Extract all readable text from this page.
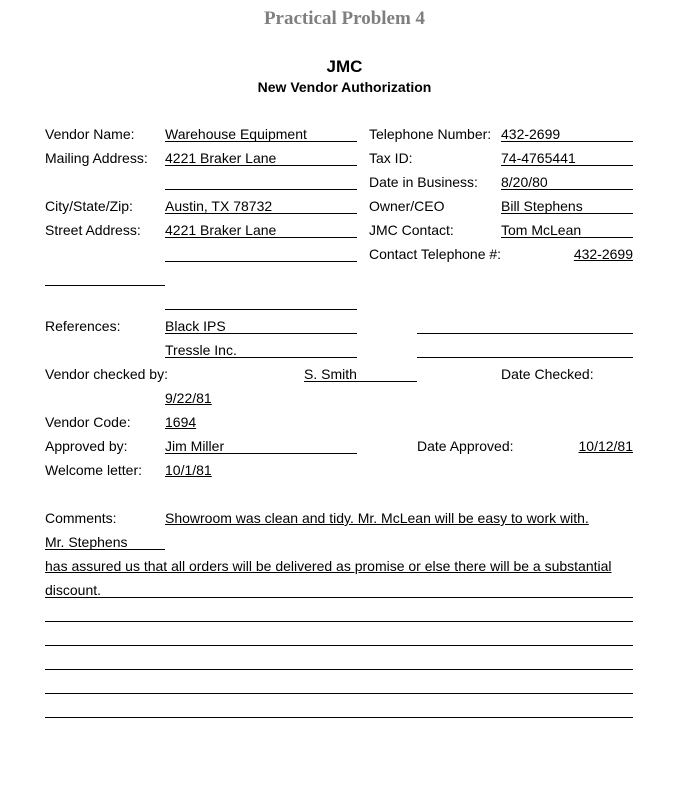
Practical Problem 4
JMC
New Vendor Authorization
Vendor Name: Warehouse Equipment	Telephone Number: 432-2699
Mailing Address: 4221 Braker Lane	Tax ID:	74-4765441
Date in Business: 8/20/80
City/State/Zip: Austin, TX 78732	Owner/CEO	Bill Stephens
Street Address: 4221 Braker Lane	JMC Contact:	Tom McLean
Contact Telephone #:	432-2699
References:	Black IPS
Tressle Inc.
Vendor checked by:	S. Smith	Date Checked:
9/22/81
Vendor Code: 1694
Approved by:	Jim Miller	Date Approved:	10/12/81
Welcome letter: 10/1/81
Comments:	Showroom was clean and tidy. Mr. McLean will be easy to work with.
Mr. Stephens
has assured us that all orders will be delivered as promise or else there will be a substantial
discount.
